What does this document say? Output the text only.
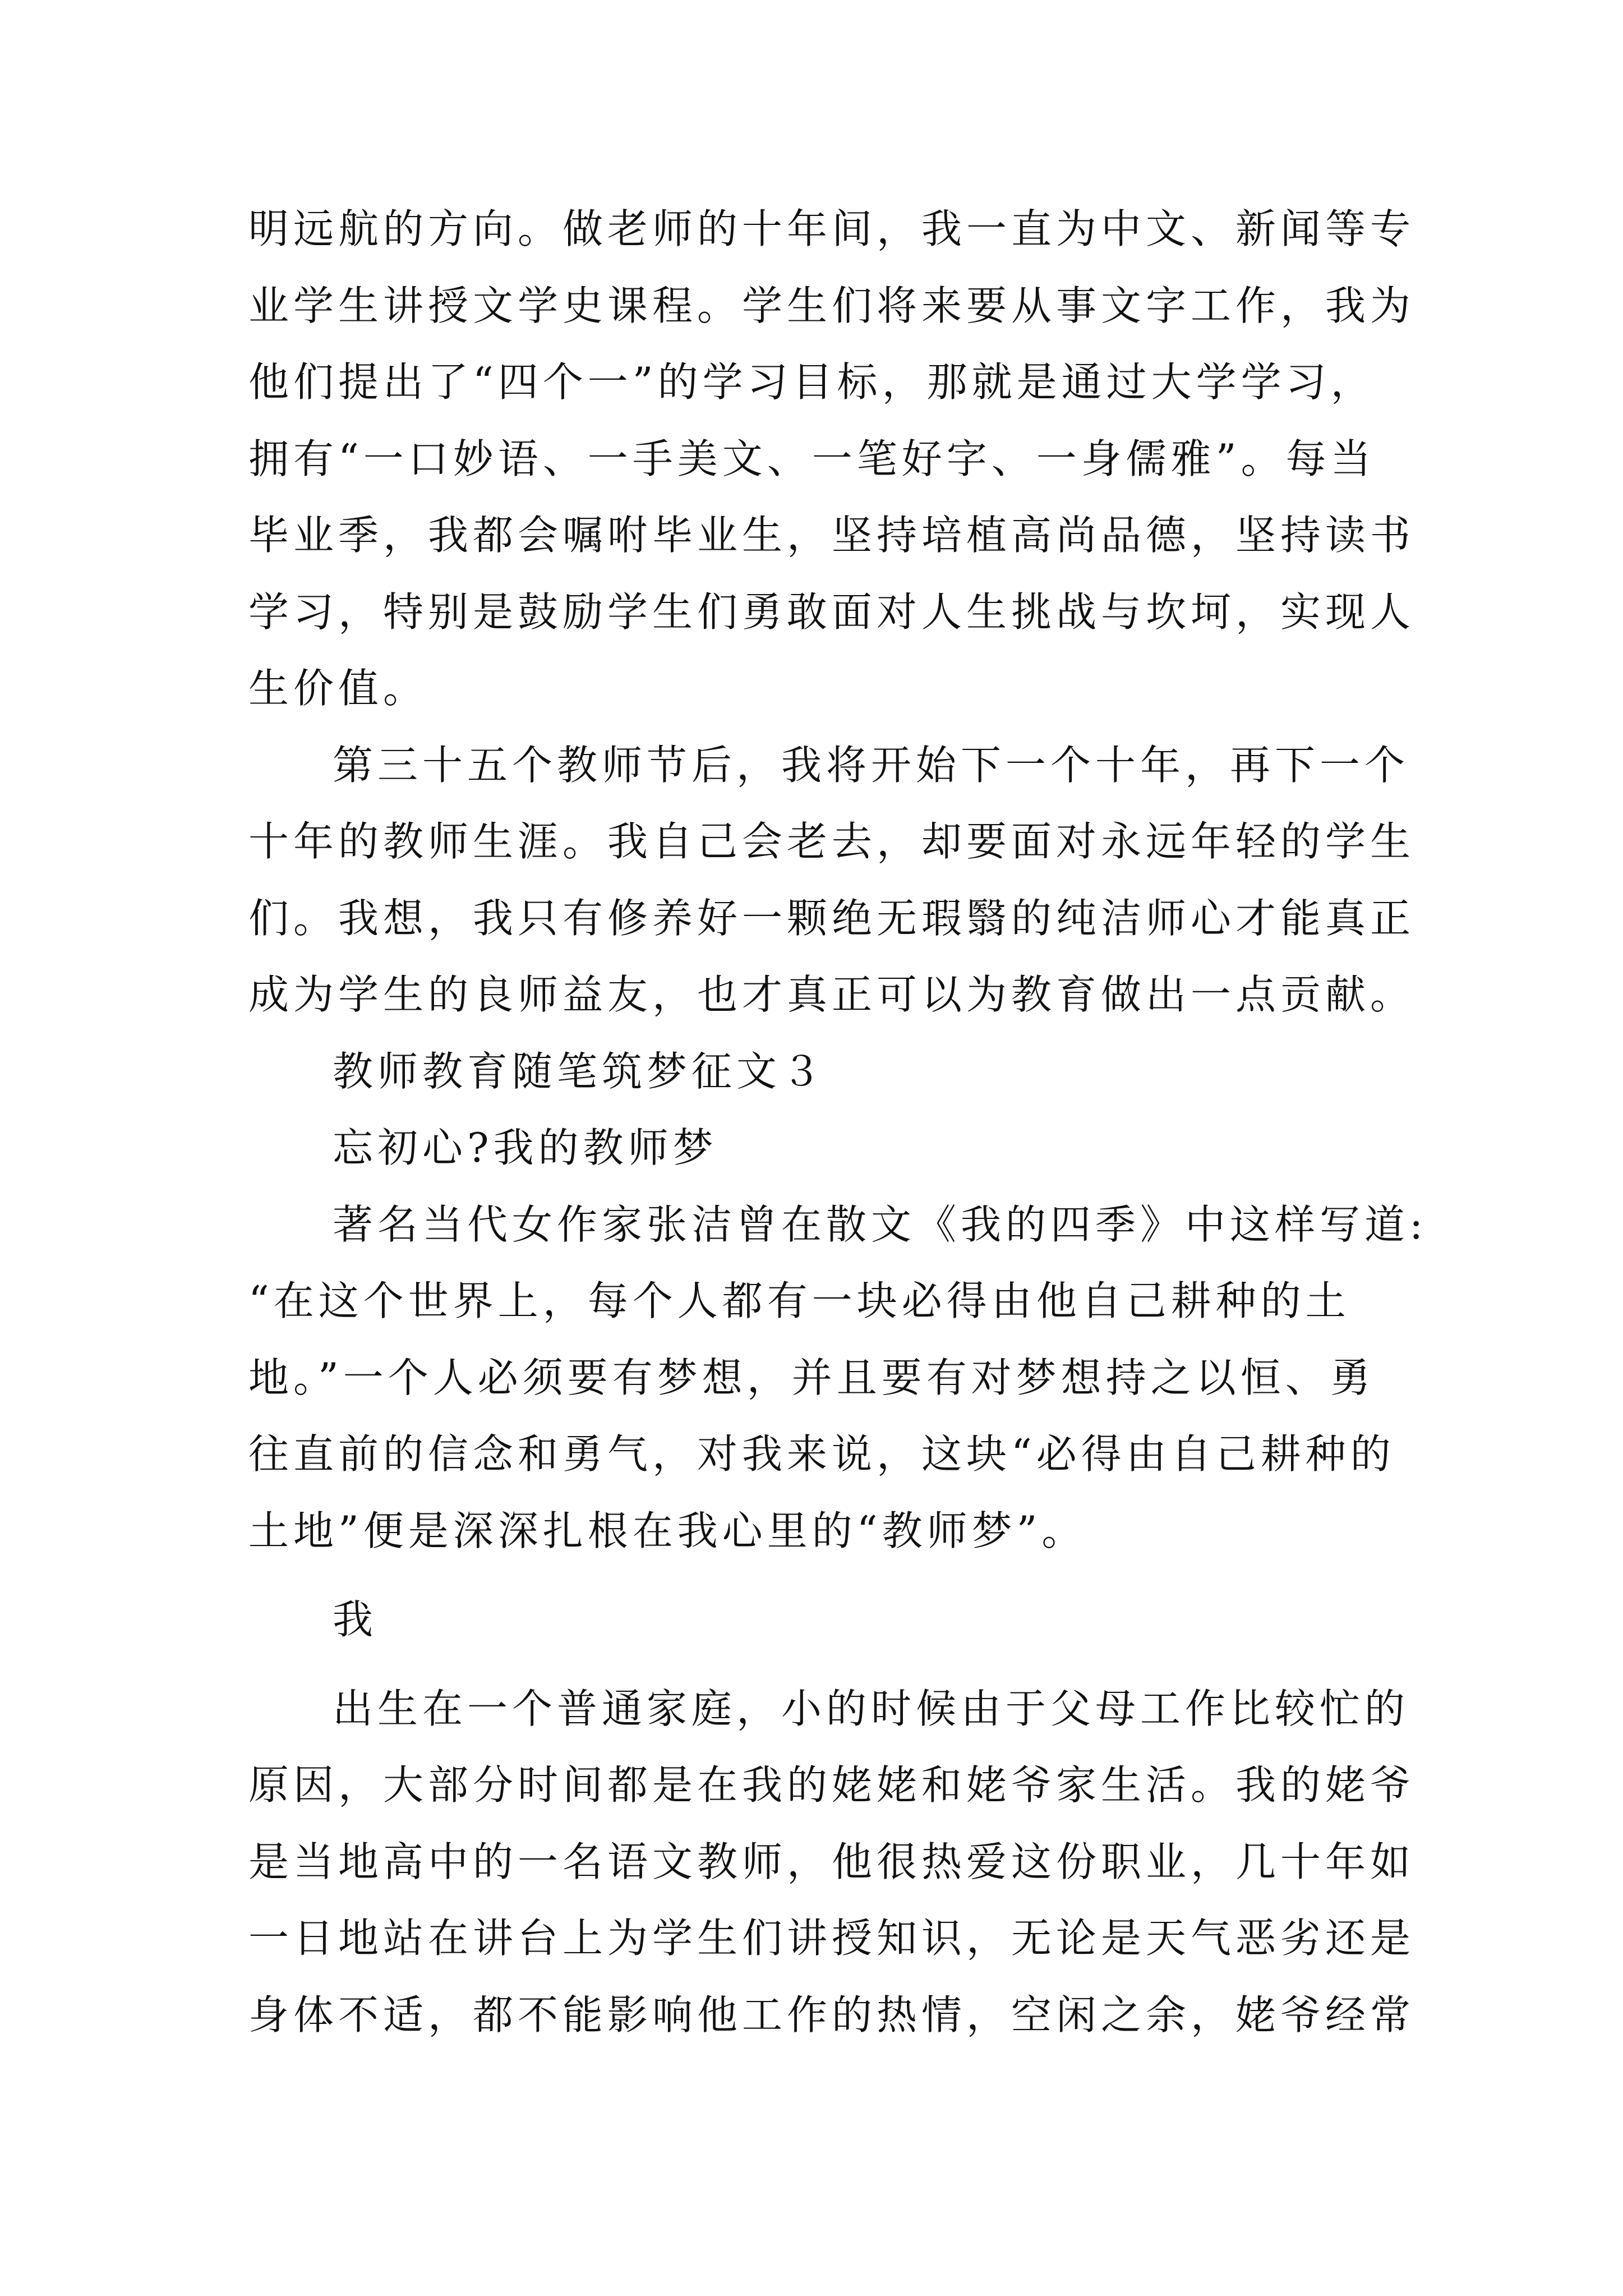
明远航的方向。做老师的十年间，我一直为中文、新闻等专
业学生讲授文学史课程。学生们将来要从事文字工作，我为
他们提出了“四个一”的学习目标，那就是通过大学学习，
拥有“一口妙语、一手美文、一笔好字、一身儒雅”。每当
毕业季，我都会嘱咐毕业生，坚持培植高尚品德，坚持读书
学习，特别是鼓励学生们勇敢面对人生挑战与坎坷，实现人
生价值。
第三十五个教师节后，我将开始下一个十年，再下一个
十年的教师生涯。我自己会老去，却要面对永远年轻的学生
们。我想，我只有修养好一颗绝无瑕翳的纯洁师心才能真正
成为学生的良师益友，也才真正可以为教育做出一点贡献。
教师教育随笔筑梦征文３
忘初心?我的教师梦
著名当代女作家张洁曾在散文《我的四季》中这样写道:
“在这个世界上，每个人都有一块必得由他自己耕种的土
地。”一个人必须要有梦想，并且要有对梦想持之以恒、勇
往直前的信念和勇气，对我来说，这块“必得由自己耕种的
土地”便是深深扎根在我心里的“教师梦”。
我
出生在一个普通家庭，小的时候由于父母工作比较忙的
原因，大部分时间都是在我的姥姥和姥爷家生活。我的姥爷
是当地高中的一名语文教师，他很热爱这份职业，几十年如
一日地站在讲台上为学生们讲授知识，无论是天气恶劣还是
身体不适，都不能影响他工作的热情，空闲之余，姥爷经常
